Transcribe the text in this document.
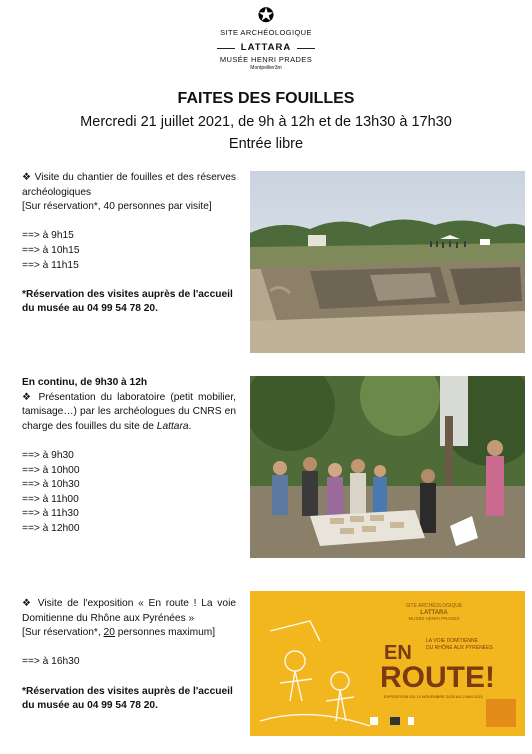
✪
SITE ARCHÉOLOGIQUE
LATTARA
MUSÉE HENRI PRADES
Montpellier3m
FAITES DES FOUILLES
Mercredi 21 juillet 2021, de 9h à 12h et de 13h30 à 17h30
Entrée libre

❖ Visite du chantier de fouilles et des réserves archéologiques

[Sur réservation*, 40 personnes par visite]

==> à 9h15

==> à 10h15

==> à 11h15

*Réservation des visites auprès de l'accueil du musée au 04 99 54 78 20.

En continu, de 9h30 à 12h

❖ Présentation du laboratoire (petit mobilier, tamisage…) par les archéologues du CNRS en charge des fouilles du site de Lattara.

==> à 9h30

==> à 10h00

==> à 10h30

==> à 11h00

==> à 11h30

==> à 12h00

❖ Visite de l'exposition « En route ! La voie Domitienne du Rhône aux Pyrénées »

[Sur réservation*, 20 personnes maximum]

==> à 16h30

*Réservation des visites auprès de l'accueil du musée au 04 99 54 78 20.

SITE ARCHÉOLOGIQUE
LATTARA
MUSÉE HENRI PRADES
EN
ROUTE!
LA VOIE DOMITIENNE
DU RHÔNE AUX PYRÉNÉES
EXPOSITION DU 14 NOVEMBRE 2020 AU 2 MAI 2021
